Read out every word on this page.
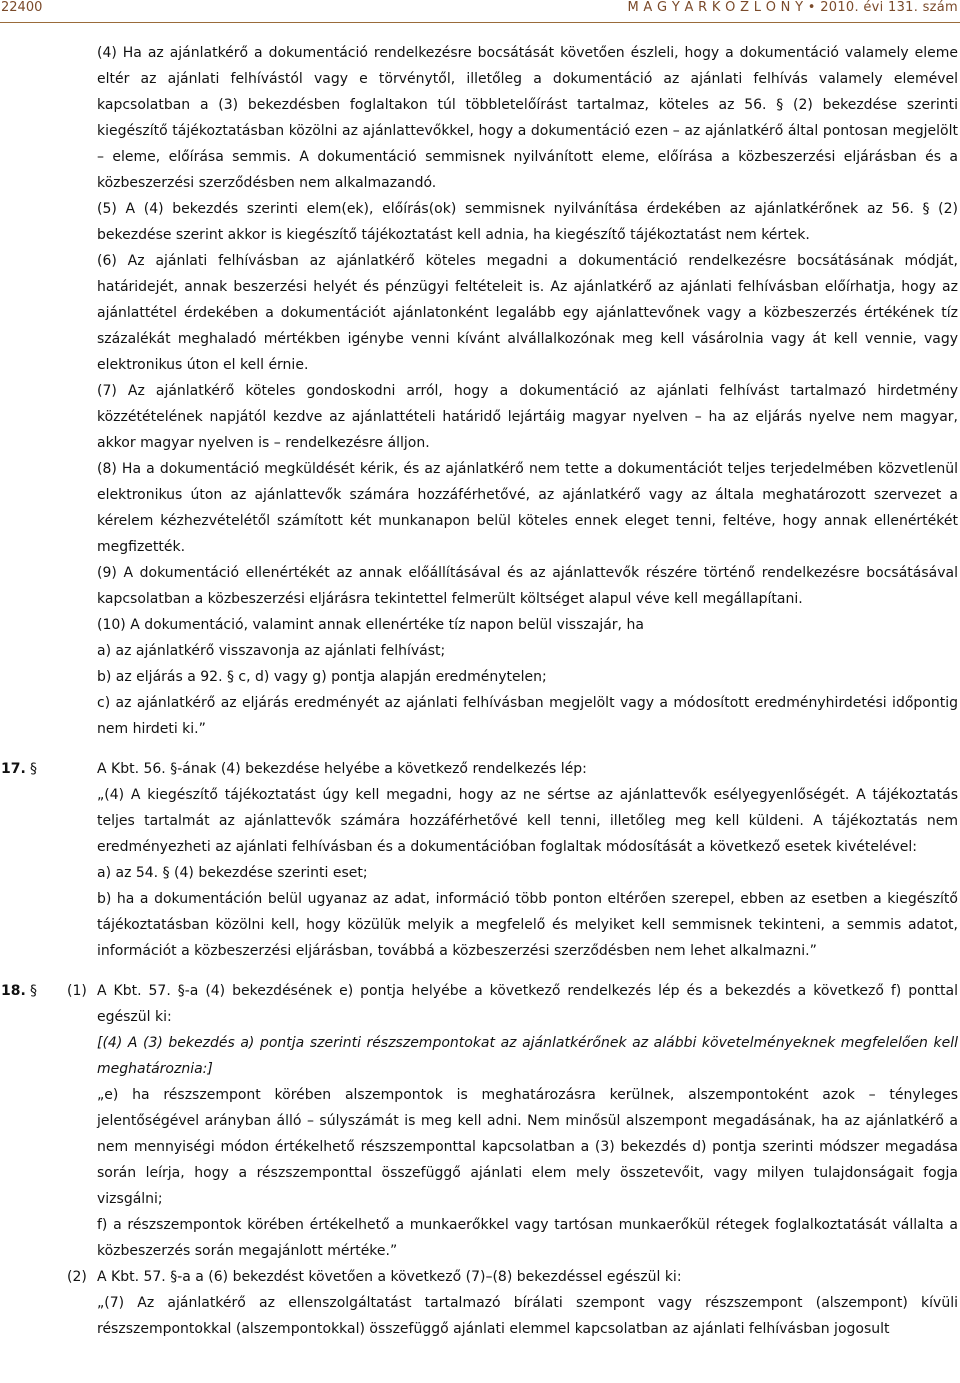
22400	M A G Y A R K Ö Z L Ö N Y • 2010. évi 131. szám

(4) Ha az ajánlatkérő a dokumentáció rendelkezésre bocsátását követően észleli, hogy a dokumentáció valamely eleme eltér az ajánlati felhívástól vagy e törvénytől, illetőleg a dokumentáció az ajánlati felhívás valamely elemével kapcsolatban a (3) bekezdésben foglaltakon túl többletelőírást tartalmaz, köteles az 56. § (2) bekezdése szerinti kiegészítő tájékoztatásban közölni az ajánlattevőkkel, hogy a dokumentáció ezen – az ajánlatkérő által pontosan megjelölt – eleme, előírása semmis. A dokumentáció semmisnek nyilvánított eleme, előírása a közbeszerzési eljárásban és a közbeszerzési szerződésben nem alkalmazandó.

(5) A (4) bekezdés szerinti elem(ek), előírás(ok) semmisnek nyilvánítása érdekében az ajánlatkérőnek az 56. § (2) bekezdése szerint akkor is kiegészítő tájékoztatást kell adnia, ha kiegészítő tájékoztatást nem kértek.

(6) Az ajánlati felhívásban az ajánlatkérő köteles megadni a dokumentáció rendelkezésre bocsátásának módját, határidejét, annak beszerzési helyét és pénzügyi feltételeit is. Az ajánlatkérő az ajánlati felhívásban előírhatja, hogy az ajánlattétel érdekében a dokumentációt ajánlatonként legalább egy ajánlattevőnek vagy a közbeszerzés értékének tíz százalékát meghaladó mértékben igénybe venni kívánt alvállalkozónak meg kell vásárolnia vagy át kell vennie, vagy elektronikus úton el kell érnie.

(7) Az ajánlatkérő köteles gondoskodni arról, hogy a dokumentáció az ajánlati felhívást tartalmazó hirdetmény közzétételének napjától kezdve az ajánlattételi határidő lejártáig magyar nyelven – ha az eljárás nyelve nem magyar, akkor magyar nyelven is – rendelkezésre álljon.

(8) Ha a dokumentáció megküldését kérik, és az ajánlatkérő nem tette a dokumentációt teljes terjedelmében közvetlenül elektronikus úton az ajánlattevők számára hozzáférhetővé, az ajánlatkérő vagy az általa meghatározott szervezet a kérelem kézhezvételétől számított két munkanapon belül köteles ennek eleget tenni, feltéve, hogy annak ellenértékét megfizették.

(9) A dokumentáció ellenértékét az annak előállításával és az ajánlattevők részére történő rendelkezésre bocsátásával kapcsolatban a közbeszerzési eljárásra tekintettel felmerült költséget alapul véve kell megállapítani.

(10) A dokumentáció, valamint annak ellenértéke tíz napon belül visszajár, ha

a) az ajánlatkérő visszavonja az ajánlati felhívást;

b) az eljárás a 92. § c, d) vagy g) pontja alapján eredménytelen;

c) az ajánlatkérő az eljárás eredményét az ajánlati felhívásban megjelölt vagy a módosított eredményhirdetési időpontig nem hirdeti ki.”

17. §	A Kbt. 56. §-ának (4) bekezdése helyébe a következő rendelkezés lép:

„(4) A kiegészítő tájékoztatást úgy kell megadni, hogy az ne sértse az ajánlattevők esélyegyenlőségét. A tájékoztatás teljes tartalmát az ajánlattevők számára hozzáférhetővé kell tenni, illetőleg meg kell küldeni. A tájékoztatás nem eredményezheti az ajánlati felhívásban és a dokumentációban foglaltak módosítását a következő esetek kivételével:

a) az 54. § (4) bekezdése szerinti eset;

b) ha a dokumentáción belül ugyanaz az adat, információ több ponton eltérően szerepel, ebben az esetben a kiegészítő tájékoztatásban közölni kell, hogy közülük melyik a megfelelő és melyiket kell semmisnek tekinteni, a semmis adatot, információt a közbeszerzési eljárásban, továbbá a közbeszerzési szerződésben nem lehet alkalmazni.”

18. § (1) A Kbt. 57. §-a (4) bekezdésének e) pontja helyébe a következő rendelkezés lép és a bekezdés a következő f) ponttal egészül ki:

[(4) A (3) bekezdés a) pontja szerinti részszempontokat az ajánlatkérőnek az alábbi követelményeknek megfelelően kell meghatároznia:]

„e) ha részszempont körében alszempontok is meghatározásra kerülnek, alszempontoként azok – tényleges jelentőségével arányban álló – súlyszámát is meg kell adni. Nem minősül alszempont megadásának, ha az ajánlatkérő a nem mennyiségi módon értékelhető részszemponttal kapcsolatban a (3) bekezdés d) pontja szerinti módszer megadása során leírja, hogy a részszemponttal összefüggő ajánlati elem mely összetevőit, vagy milyen tulajdonságait fogja vizsgálni;

f) a részszempontok körében értékelhető a munkaerőkkel vagy tartósan munkaerőkül rétegek foglalkoztatását vállalta a közbeszerzés során megajánlott mértéke.”

(2) A Kbt. 57. §-a a (6) bekezdést követően a következő (7)–(8) bekezdéssel egészül ki:

„(7) Az ajánlatkérő az ellenszolgáltatást tartalmazó bírálati szempont vagy részszempont (alszempont) kívüli részszempontokkal (alszempontokkal) összefüggő ajánlati elemmel kapcsolatban az ajánlati felhívásban jogosult
